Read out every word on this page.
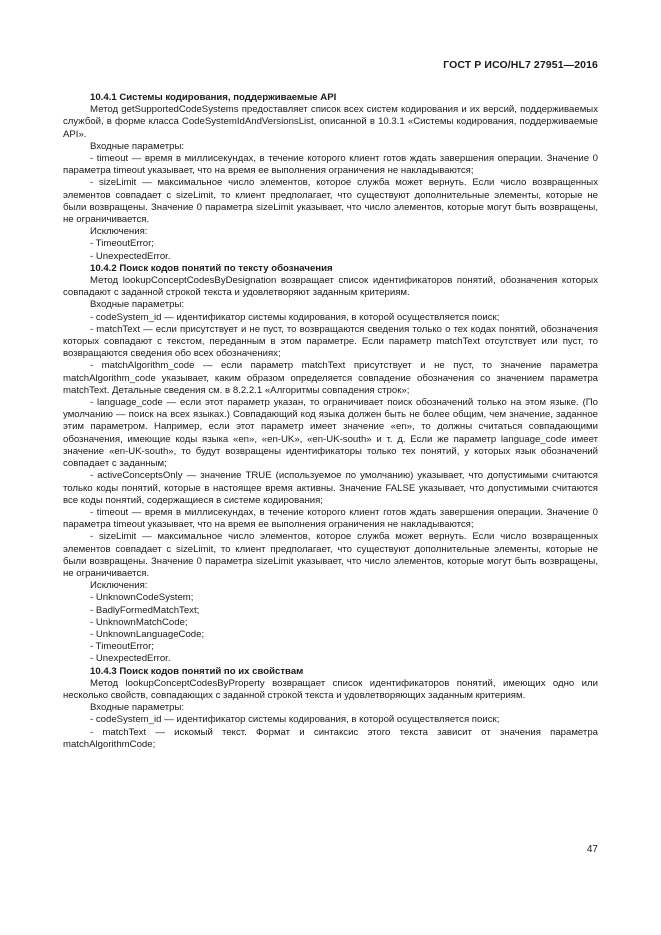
ГОСТ Р ИСО/HL7 27951—2016

10.4.1 Системы кодирования, поддерживаемые API

Метод getSupportedCodeSystems предоставляет список всех систем кодирования и их версий, поддерживаемых службой, в форме класса CodeSystemIdAndVersionsList, описанной в 10.3.1 «Системы кодирования, поддерживаемые API».

Входные параметры:

- timeout — время в миллисекундах, в течение которого клиент готов ждать завершения операции. Значение 0 параметра timeout указывает, что на время ее выполнения ограничения не накладываются;

- sizeLimit — максимальное число элементов, которое служба может вернуть. Если число возвращенных элементов совпадает с sizeLimit, то клиент предполагает, что существуют дополнительные элементы, которые не были возвращены. Значение 0 параметра sizeLimit указывает, что число элементов, которые могут быть возвращены, не ограничивается.

Исключения:

- TimeoutError;

- UnexpectedError.

10.4.2 Поиск кодов понятий по тексту обозначения

Метод lookupConceptCodesByDesignation возвращает список идентификаторов понятий, обозначения которых совпадают с заданной строкой текста и удовлетворяют заданным критериям.

Входные параметры:

- codeSystem_id — идентификатор системы кодирования, в которой осуществляется поиск;

- matchText — если присутствует и не пуст, то возвращаются сведения только о тех кодах понятий, обозначения которых совпадают с текстом, переданным в этом параметре. Если параметр matchText отсутствует или пуст, то возвращаются сведения обо всех обозначениях;

- matchAlgorithm_code — если параметр matchText присутствует и не пуст, то значение параметра matchAlgorithm_code указывает, каким образом определяется совпадение обозначения со значением параметра matchText. Детальные сведения см. в 8.2.2.1 «Алгоритмы совпадения строк»;

- language_code — если этот параметр указан, то ограничивает поиск обозначений только на этом языке. (По умолчанию — поиск на всех языках.) Совпадающий код языка должен быть не более общим, чем значение, заданное этим параметром. Например, если этот параметр имеет значение «en», то должны считаться совпадающими обозначения, имеющие коды языка «en», «en-UK», «en-UK-south» и т. д. Если же параметр language_code имеет значение «en-UK-south», то будут возвращены идентификаторы только тех понятий, у которых язык обозначений совпадает с заданным;

- activeConceptsOnly — значение TRUE (используемое по умолчанию) указывает, что допустимыми считаются только коды понятий, которые в настоящее время активны. Значение FALSE указывает, что допустимыми считаются все коды понятий, содержащиеся в системе кодирования;

- timeout — время в миллисекундах, в течение которого клиент готов ждать завершения операции. Значение 0 параметра timeout указывает, что на время ее выполнения ограничения не накладываются;

- sizeLimit — максимальное число элементов, которое служба может вернуть. Если число возвращенных элементов совпадает с sizeLimit, то клиент предполагает, что существуют дополнительные элементы, которые не были возвращены. Значение 0 параметра sizeLimit указывает, что число элементов, которые могут быть возвращены, не ограничивается.

Исключения:

- UnknownCodeSystem;

- BadlyFormedMatchText;

- UnknownMatchCode;

- UnknownLanguageCode;

- TimeoutError;

- UnexpectedError.

10.4.3 Поиск кодов понятий по их свойствам

Метод lookupConceptCodesByProperty возвращает список идентификаторов понятий, имеющих одно или несколько свойств, совпадающих с заданной строкой текста и удовлетворяющих заданным критериям.

Входные параметры:

- codeSystem_id — идентификатор системы кодирования, в которой осуществляется поиск;

- matchText — искомый текст. Формат и синтаксис этого текста зависит от значения параметра matchAlgorithmCode;

47
